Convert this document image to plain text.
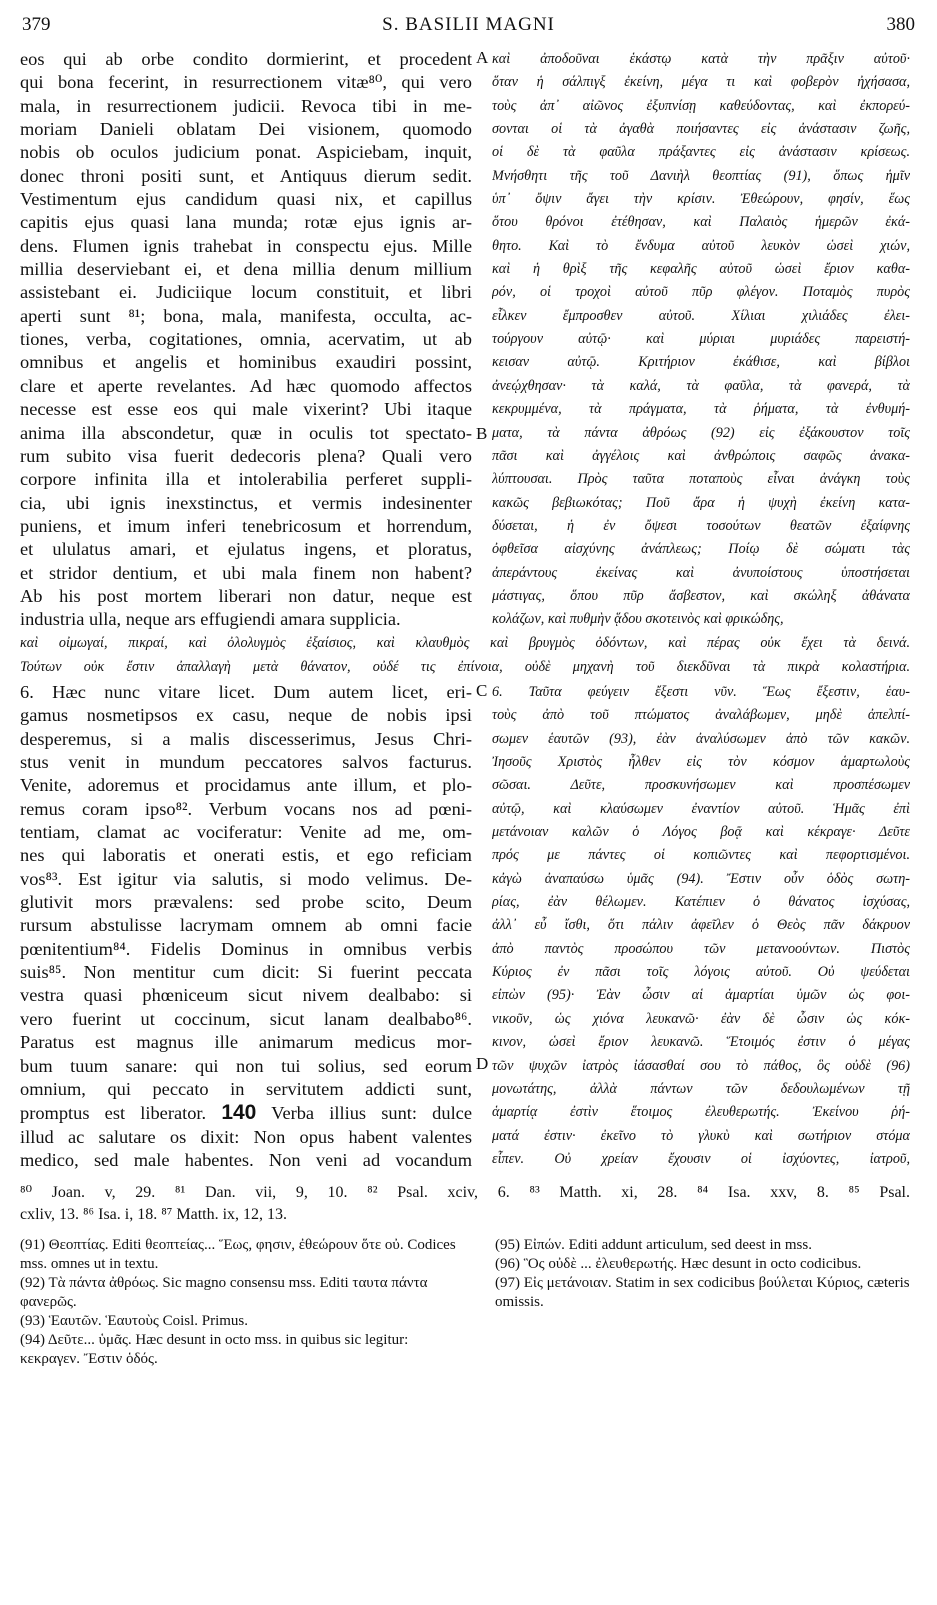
379	S. BASILII MAGNI	380
A
B
C
D
eos qui ab orbe condito dormierint, et procedent
qui bona fecerint, in resurrectionem vitæ⁸⁰, qui vero
mala, in resurrectionem judicii. Revoca tibi in me-
moriam Danieli oblatam Dei visionem, quomodo
nobis ob oculos judicium ponat. Aspiciebam, inquit,
donec throni positi sunt, et Antiquus dierum sedit.
Vestimentum ejus candidum quasi nix, et capillus
capitis ejus quasi lana munda; rotæ ejus ignis ar-
dens. Flumen ignis trahebat in conspectu ejus. Mille
millia deserviebant ei, et dena millia denum millium
assistebant ei. Judiciique locum constituit, et libri
aperti sunt ⁸¹; bona, mala, manifesta, occulta, ac-
tiones, verba, cogitationes, omnia, acervatim, ut ab
omnibus et angelis et hominibus exaudiri possint,
clare et aperte revelantes. Ad hæc quomodo affectos
necesse est esse eos qui male vixerint? Ubi itaque
anima illa abscondetur, quæ in oculis tot spectato-
rum subito visa fuerit dedecoris plena? Quali vero
corpore infinita illa et intolerabilia perferet suppli-
cia, ubi ignis inexstinctus, et vermis indesinenter
puniens, et imum inferi tenebricosum et horrendum,
et ululatus amari, et ejulatus ingens, et ploratus,
et stridor dentium, et ubi mala finem non habent?
Ab his post mortem liberari non datur, neque est
industria ulla, neque ars effugiendi amara supplicia.
καὶ ἀποδοῦναι ἑκάστῳ κατὰ τὴν πρᾶξιν αὐτοῦ·
ὅταν ἡ σάλπιγξ ἐκείνη, μέγα τι καὶ φοβερὸν ἠχήσασα,
τοὺς ἀπ᾽ αἰῶνος ἐξυπνίσῃ καθεύδοντας, καὶ ἐκπορεύ-
σονται οἱ τὰ ἀγαθὰ ποιήσαντες εἰς ἀνάστασιν ζωῆς,
οἱ δὲ τὰ φαῦλα πράξαντες εἰς ἀνάστασιν κρίσεως.
Μνήσθητι τῆς τοῦ Δανιὴλ θεοπτίας (91), ὅπως ἡμῖν
ὑπ᾽ ὄψιν ἄγει τὴν κρίσιν. Ἐθεώρουν, φησίν, ἕως
ὅτου θρόνοι ἐτέθησαν, καὶ Παλαιὸς ἡμερῶν ἐκά-
θητο. Καὶ τὸ ἔνδυμα αὐτοῦ λευκὸν ὡσεὶ χιών,
καὶ ἡ θρὶξ τῆς κεφαλῆς αὐτοῦ ὡσεὶ ἔριον καθα-
ρόν, οἱ τροχοὶ αὐτοῦ πῦρ φλέγον. Ποταμὸς πυρὸς
εἷλκεν ἔμπροσθεν αὐτοῦ. Χίλιαι χιλιάδες ἐλει-
τούργουν αὐτῷ· καὶ μύριαι μυριάδες παρειστή-
κεισαν αὐτῷ. Κριτήριον ἐκάθισε, καὶ βίβλοι
ἀνεῴχθησαν· τὰ καλά, τὰ φαῦλα, τὰ φανερά, τὰ
κεκρυμμένα, τὰ πράγματα, τὰ ῥήματα, τὰ ἐνθυμή-
ματα, τὰ πάντα ἀθρόως (92) εἰς ἐξάκουστον τοῖς
πᾶσι καὶ ἀγγέλοις καὶ ἀνθρώποις σαφῶς ἀνακα-
λύπτουσαι. Πρὸς ταῦτα ποταποὺς εἶναι ἀνάγκη τοὺς
κακῶς βεβιωκότας; Ποῦ ἄρα ἡ ψυχὴ ἐκείνη κατα-
δύσεται, ἡ ἐν ὄψεσι τοσούτων θεατῶν ἐξαίφνης
ὀφθεῖσα αἰσχύνης ἀνάπλεως; Ποίῳ δὲ σώματι τὰς
ἀπεράντους ἐκείνας καὶ ἀνυποίστους ὑποστήσεται
μάστιγας, ὅπου πῦρ ἄσβεστον, καὶ σκώληξ ἀθάνατα
κολάζων, καὶ πυθμὴν ᾅδου σκοτεινὸς καὶ φρικώδης,
καὶ οἰμωγαί, πικραί, καὶ ὀλολυγμὸς ἐξαίσιος, καὶ κλαυθμὸς καὶ βρυγμὸς ὀδόντων, καὶ πέρας οὐκ ἔχει τὰ δεινά.
Τούτων οὐκ ἔστιν ἀπαλλαγὴ μετὰ θάνατον, οὐδέ τις ἐπίνοια, οὐδὲ μηχανὴ τοῦ διεκδῦναι τὰ πικρὰ κολαστήρια.
6. Hæc nunc vitare licet. Dum autem licet, eri-
gamus nosmetipsos ex casu, neque de nobis ipsi
desperemus, si a malis discesserimus, Jesus Chri-
stus venit in mundum peccatores salvos facturus.
Venite, adoremus et procidamus ante illum, et plo-
remus coram ipso⁸². Verbum vocans nos ad pœni-
tentiam, clamat ac vociferatur: Venite ad me, om-
nes qui laboratis et onerati estis, et ego reficiam
vos⁸³. Est igitur via salutis, si modo velimus. De-
glutivit mors prævalens: sed probe scito, Deum
rursum abstulisse lacrymam omnem ab omni facie
pœnitentium⁸⁴. Fidelis Dominus in omnibus verbis
suis⁸⁵. Non mentitur cum dicit: Si fuerint peccata
vestra quasi phœniceum sicut nivem dealbabo: si
vero fuerint ut coccinum, sicut lanam dealbabo⁸⁶.
Paratus est magnus ille animarum medicus mor-
bum tuum sanare: qui non tui solius, sed eorum
omnium, qui peccato in servitutem addicti sunt,
promptus est liberator. 140 Verba illius sunt: dulce
illud ac salutare os dixit: Non opus habent valentes
medico, sed male habentes. Non veni ad vocandum
6. Ταῦτα φεύγειν ἔξεστι νῦν. Ἕως ἔξεστιν, ἑαυ-
τοὺς ἀπὸ τοῦ πτώματος ἀναλάβωμεν, μηδὲ ἀπελπί-
σωμεν ἑαυτῶν (93), ἐὰν ἀναλύσωμεν ἀπὸ τῶν κακῶν.
Ἰησοῦς Χριστὸς ἦλθεν εἰς τὸν κόσμον ἁμαρτωλοὺς
σῶσαι. Δεῦτε, προσκυνήσωμεν καὶ προσπέσωμεν
αὐτῷ, καὶ κλαύσωμεν ἐναντίον αὐτοῦ. Ἡμᾶς ἐπὶ
μετάνοιαν καλῶν ὁ Λόγος βοᾷ καὶ κέκραγε· Δεῦτε
πρός με πάντες οἱ κοπιῶντες καὶ πεφορτισμένοι.
κἀγὼ ἀναπαύσω ὑμᾶς (94). Ἔστιν οὖν ὁδὸς σωτη-
ρίας, ἐὰν θέλωμεν. Κατέπιεν ὁ θάνατος ἰσχύσας,
ἀλλ᾽ εὖ ἴσθι, ὅτι πάλιν ἀφεῖλεν ὁ Θεὸς πᾶν δάκρυον
ἀπὸ παντὸς προσώπου τῶν μετανοούντων. Πιστὸς
Κύριος ἐν πᾶσι τοῖς λόγοις αὐτοῦ. Οὐ ψεύδεται
εἰπὼν (95)· Ἐὰν ὦσιν αἱ ἁμαρτίαι ὑμῶν ὡς φοι-
νικοῦν, ὡς χιόνα λευκανῶ· ἐὰν δὲ ὦσιν ὡς κόκ-
κινον, ὡσεὶ ἔριον λευκανῶ. Ἕτοιμός ἐστιν ὁ μέγας
τῶν ψυχῶν ἰατρὸς ἰάσασθαί σου τὸ πάθος, ὃς οὐδὲ (96)
μονωτάτης, ἀλλὰ πάντων τῶν δεδουλωμένων τῇ
ἁμαρτίᾳ ἐστὶν ἕτοιμος ἐλευθερωτής. Ἐκείνου ῥή-
ματά ἐστιν· ἐκεῖνο τὸ γλυκὺ καὶ σωτήριον στόμα
εἶπεν. Οὐ χρείαν ἔχουσιν οἱ ἰσχύοντες, ἰατροῦ,
⁸⁰ Joan. v, 29. ⁸¹ Dan. vii, 9, 10. ⁸² Psal. xciv, 6. ⁸³ Matth. xi, 28. ⁸⁴ Isa. xxv, 8. ⁸⁵ Psal.
cxliv, 13. ⁸⁶ Isa. i, 18. ⁸⁷ Matth. ix, 12, 13.
(91) Θεοπτίας. Editi θεοπτείας... Ἕως, φησιν, ἐθεώρουν ὅτε οὐ. Codices mss. omnes ut in textu.
(92) Τὰ πάντα ἀθρόως. Sic magno consensu mss. Editi ταυτα πάντα φανερῶς.
(93) Ἑαυτῶν. Ἑαυτοὺς Coisl. Primus.
(94) Δεῦτε... ὑμᾶς. Hæc desunt in octo mss. in quibus sic legitur: κεκραγεν. Ἔστιν ὁδός.
(95) Εἰπών. Editi addunt articulum, sed deest in mss.
(96) Ὃς οὐδὲ ... ἐλευθερωτής. Hæc desunt in octo codicibus.
(97) Εἰς μετάνοιαν. Statim in sex codicibus βούλεται Κύριος, cæteris omissis.
